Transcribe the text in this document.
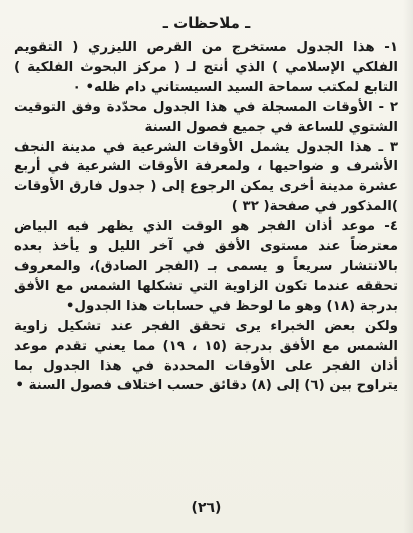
ـ ملاحظات ـ

١- هذا الجدول مستخرج من القرص الليزري ( التقويم الفلكي الإسلامي ) الذي أنتج لـ ( مركز البحوث الفلكية ) التابع لمكتب سماحة السيد السيستاني دام ظله• ٠

٢ - الأوقات المسجلة في هذا الجدول محدّدة وفق التوقيت الشتوي للساعة في جميع فصول السنة

٣ ـ هذا الجدول يشمل الأوقات الشرعية في مدينة النجف الأشرف و ضواحيها ، ولمعرفة الأوقات الشرعية في أربع عشرة مدينة أخرى يمكن الرجوع إلى ( جدول فارق الأوقات )المذكور في صفحة( ٣٢ )

٤- موعد أذان الفجر هو الوقت الذي يظهر فيه البياض معترضاً عند مستوى الأفق في آخر الليل و يأخذ بعده بالانتشار سريعاً و يسمى بـ (الفجر الصادق)، والمعروف تحققه عندما تكون الزاوية التي تشكلها الشمس مع الأفق بدرجة (١٨) وهو ما لوحظ في حسابات هذا الجدول•

ولكن بعض الخبراء يرى تحقق الفجر عند تشكيل زاوية الشمس مع الأفق بدرجة (١٥ ، ١٩) مما يعني تقدم موعد أذان الفجر على الأوقات المحددة في هذا الجدول بما يتراوح بين (٦) إلى (٨) دقائق حسب اختلاف فصول السنة •

(٢٦)
